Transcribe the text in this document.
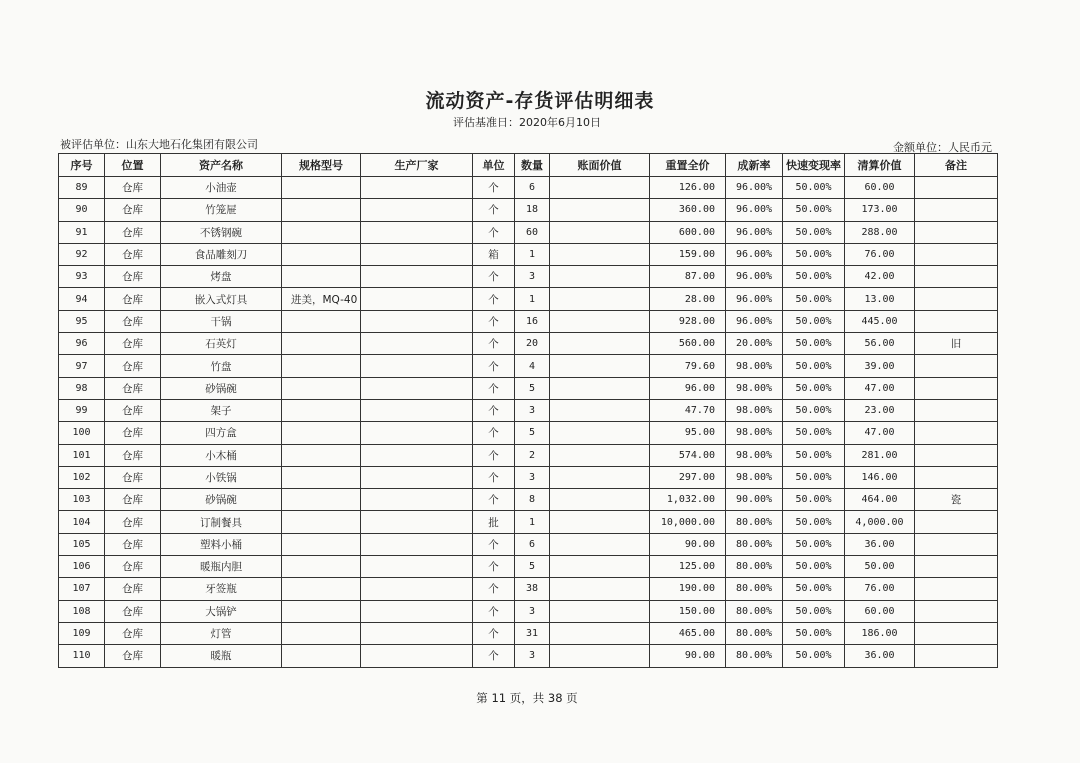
流动资产-存货评估明细表
评估基准日：2020年6月10日
被评估单位：山东大地石化集团有限公司	金额单位：人民币元
序号	位置	资产名称	规格型号	生产厂家	单位	数量	账面价值	重置全价	成新率	快速变现率	清算价值	备注
89	仓库	小油壶			个	6		126.00	96.00%	50.00%	60.00	
90	仓库	竹笼屉			个	18		360.00	96.00%	50.00%	173.00	
91	仓库	不锈钢碗			个	60		600.00	96.00%	50.00%	288.00	
92	仓库	食品雕刻刀			箱	1		159.00	96.00%	50.00%	76.00	
93	仓库	烤盘			个	3		87.00	96.00%	50.00%	42.00	
94	仓库	嵌入式灯具	进美，MQ-40		个	1		28.00	96.00%	50.00%	13.00	
95	仓库	干锅			个	16		928.00	96.00%	50.00%	445.00	
96	仓库	石英灯			个	20		560.00	20.00%	50.00%	56.00	旧
97	仓库	竹盘			个	4		79.60	98.00%	50.00%	39.00	
98	仓库	砂锅碗			个	5		96.00	98.00%	50.00%	47.00	
99	仓库	架子			个	3		47.70	98.00%	50.00%	23.00	
100	仓库	四方盒			个	5		95.00	98.00%	50.00%	47.00	
101	仓库	小木桶			个	2		574.00	98.00%	50.00%	281.00	
102	仓库	小铁锅			个	3		297.00	98.00%	50.00%	146.00	
103	仓库	砂锅碗			个	8		1,032.00	90.00%	50.00%	464.00	瓷
104	仓库	订制餐具			批	1		10,000.00	80.00%	50.00%	4,000.00	
105	仓库	塑料小桶			个	6		90.00	80.00%	50.00%	36.00	
106	仓库	暖瓶内胆			个	5		125.00	80.00%	50.00%	50.00	
107	仓库	牙签瓶			个	38		190.00	80.00%	50.00%	76.00	
108	仓库	大锅铲			个	3		150.00	80.00%	50.00%	60.00	
109	仓库	灯管			个	31		465.00	80.00%	50.00%	186.00	
110	仓库	暖瓶			个	3		90.00	80.00%	50.00%	36.00	
第 11 页，共 38 页
